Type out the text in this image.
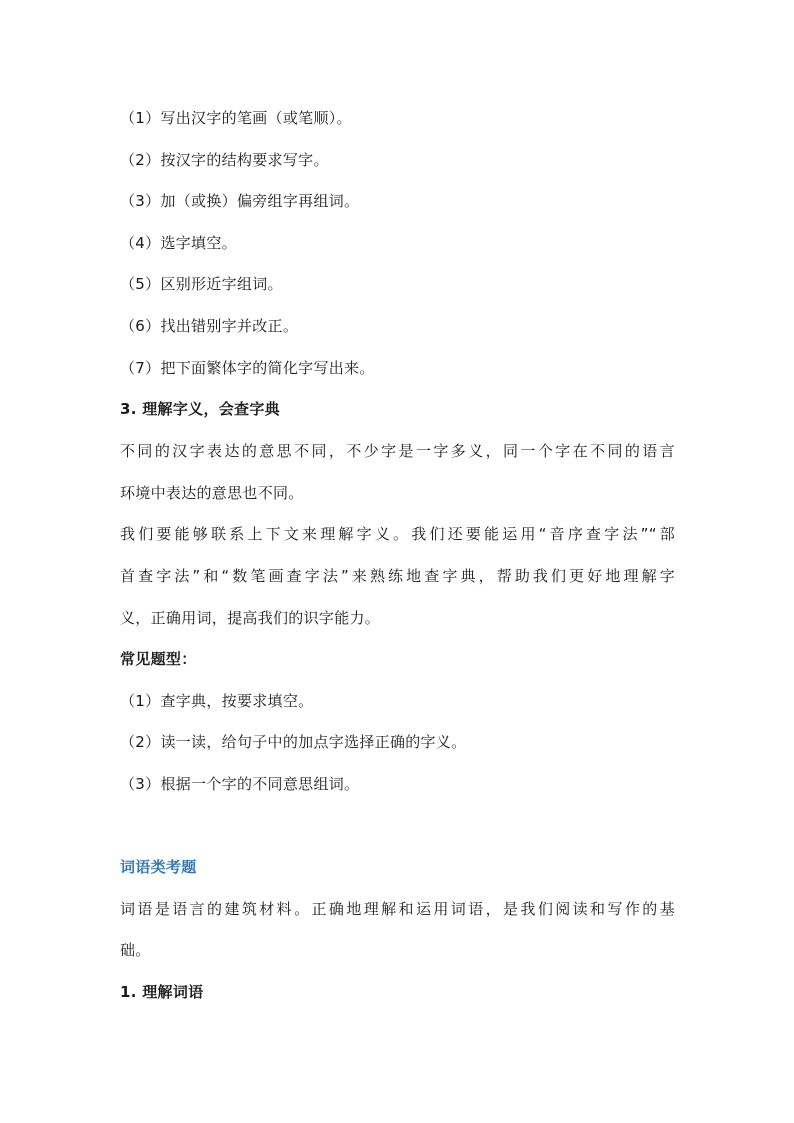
（1）写出汉字的笔画（或笔顺）。
（2）按汉字的结构要求写字。
（3）加（或换）偏旁组字再组词。
（4）选字填空。
（5）区别形近字组词。
（6）找出错别字并改正。
（7）把下面繁体字的简化字写出来。
3. 理解字义，会查字典
不同的汉字表达的意思不同，不少字是一字多义，同一个字在不同的语言
环境中表达的意思也不同。
我们要能够联系上下文来理解字义。我们还要能运用“音序查字法”“部
首查字法”和“数笔画查字法”来熟练地查字典，帮助我们更好地理解字
义，正确用词，提高我们的识字能力。
常见题型：
（1）查字典，按要求填空。
（2）读一读，给句子中的加点字选择正确的字义。
（3）根据一个字的不同意思组词。
词语类考题
词语是语言的建筑材料。正确地理解和运用词语，是我们阅读和写作的基
础。
1. 理解词语
